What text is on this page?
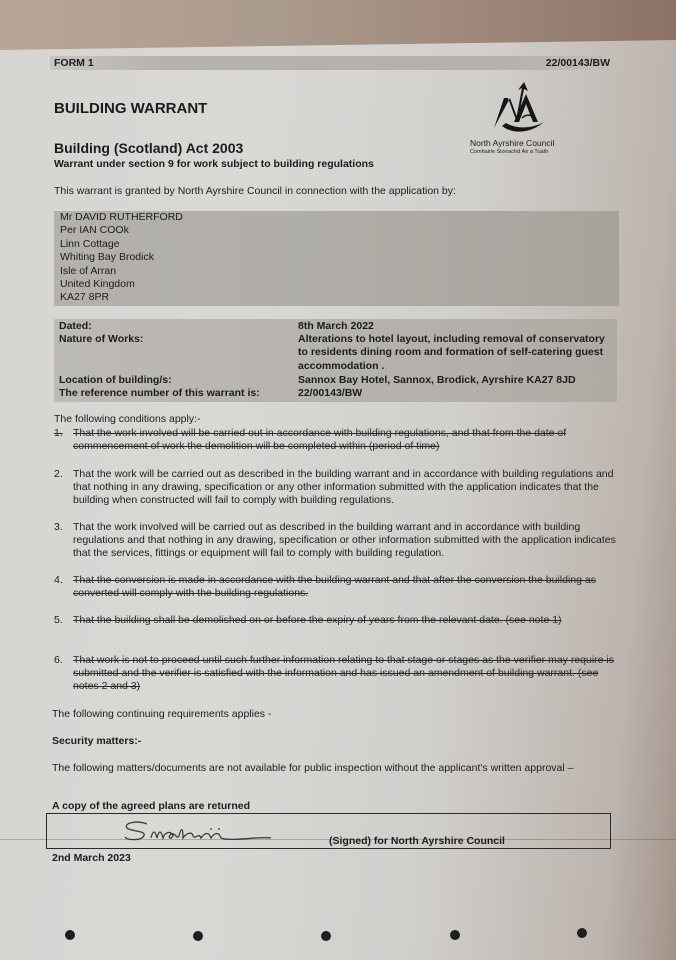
FORM 1	22/00143/BW
BUILDING WARRANT
Building (Scotland) Act 2003
Warrant under section 9 for work subject to building regulations
North Ayrshire Council
Comhairle Siorrachd Àir a Tuath
This warrant is granted by North Ayrshire Council in connection with the application by:
Mr DAVID RUTHERFORD
Per IAN COOk
Linn Cottage
Whiting Bay Brodick
Isle of Arran
United Kingdom
KA27 8PR
Dated:	8th March 2022
Nature of Works:	Alterations to hotel layout, including removal of conservatory to residents dining room and formation of self-catering guest accommodation .
Location of building/s:	Sannox Bay Hotel, Sannox, Brodick, Ayrshire KA27 8JD
The reference number of this warrant is:	22/00143/BW
The following conditions apply:-
1. That the work involved will be carried out in accordance with building regulations, and that from the date of commencement of work the demolition will be completed within (period of time)
2. That the work will be carried out as described in the building warrant and in accordance with building regulations and that nothing in any drawing, specification or any other information submitted with the application indicates that the building when constructed will fail to comply with building regulations.
3. That the work involved will be carried out as described in the building warrant and in accordance with building regulations and that nothing in any drawing, specification or other information submitted with the application indicates that the services, fittings or equipment will fail to comply with building regulation.
4. That the conversion is made in accordance with the building warrant and that after the conversion the building as converted will comply with the building regulations.
5. That the building shall be demolished on or before the expiry of years from the relevant date. (see note 1)
6. That work is not to proceed until such further information relating to that stage or stages as the verifier may require is submitted and the verifier is satisfied with the information and has issued an amendment of building warrant. (see notes 2 and 3)
The following continuing requirements applies -
Security matters:-
The following matters/documents are not available for public inspection without the applicant's written approval –
A copy of the agreed plans are returned
(Signed) for North Ayrshire Council
2nd March 2023
